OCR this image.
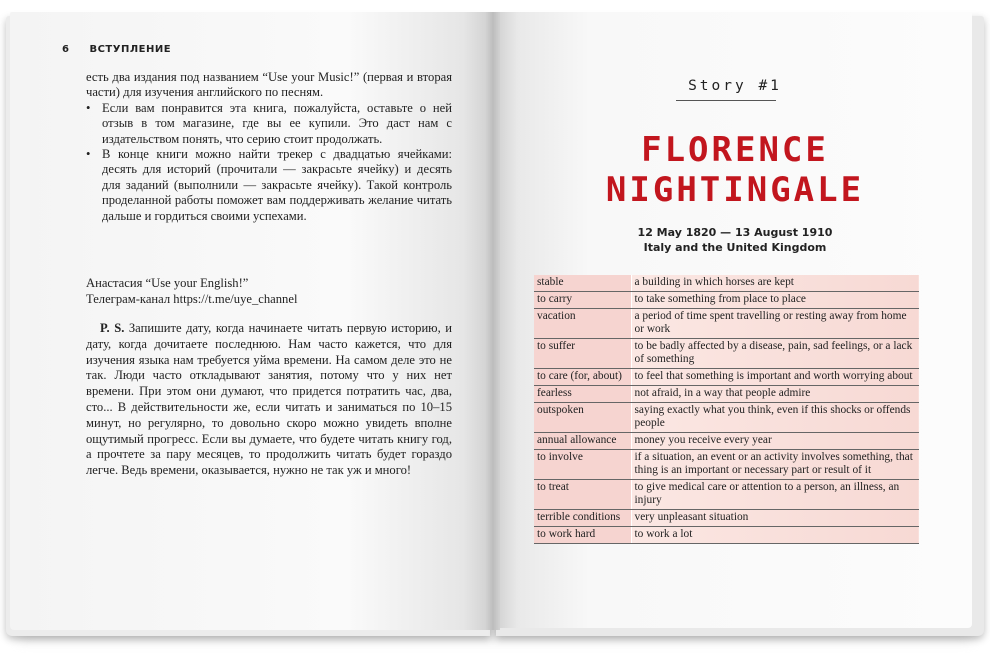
6 ВСТУПЛЕНИЕ

есть два издания под названием “Use your Music!” (первая и вторая части) для изучения английского по песням.

• Если вам понравится эта книга, пожалуйста, оставьте о ней отзыв в том магазине, где вы ее купили. Это даст нам с издательством понять, что серию стоит продолжать.

• В конце книги можно найти трекер с двадцатью ячейками: десять для историй (прочитали — закрасьте ячейку) и десять для заданий (выполнили — закрасьте ячейку). Такой контроль проделанной работы поможет вам поддерживать желание читать дальше и гордиться своими успехами.

Анастасия “Use your English!”
Телеграм-канал https://t.me/uye_channel

P. S. Запишите дату, когда начинаете читать первую историю, и дату, когда дочитаете последнюю. Нам часто кажется, что для изучения языка нам требуется уйма времени. На самом деле это не так. Люди часто откладывают занятия, потому что у них нет времени. При этом они думают, что придется потратить час, два, сто... В действительности же, если читать и заниматься по 10–15 минут, но регулярно, то довольно скоро можно увидеть вполне ощутимый прогресс. Если вы думаете, что будете читать книгу год, а прочтете за пару месяцев, то продолжить читать будет гораздо легче. Ведь времени, оказывается, нужно не так уж и много!

Story #1
FLORENCE
NIGHTINGALE
12 May 1820 — 13 August 1910
Italy and the United Kingdom
stable	a building in which horses are kept
to carry	to take something from place to place
vacation	a period of time spent travelling or resting away from home or work
to suffer	to be badly affected by a disease, pain, sad feelings, or a lack of something
to care (for, about)	to feel that something is important and worth worrying about
fearless	not afraid, in a way that people admire
outspoken	saying exactly what you think, even if this shocks or offends people
annual allowance	money you receive every year
to involve	if a situation, an event or an activity involves something, that thing is an important or necessary part or result of it
to treat	to give medical care or attention to a person, an illness, an injury
terrible conditions	very unpleasant situation
to work hard	to work a lot
